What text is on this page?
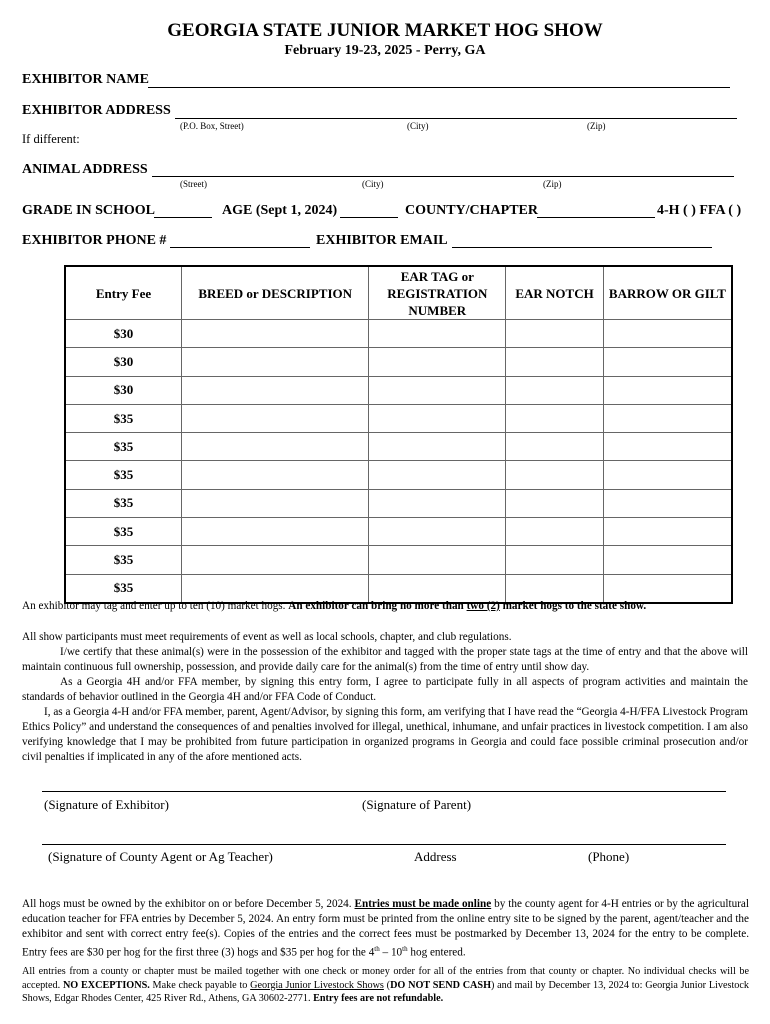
GEORGIA STATE JUNIOR MARKET HOG SHOW
February 19-23, 2025 - Perry, GA
EXHIBITOR NAME
EXHIBITOR ADDRESS
(P.O. Box, Street)	(City)	(Zip)
If different:
ANIMAL ADDRESS
(Street)	(City)	(Zip)
GRADE IN SCHOOL	AGE (Sept 1, 2024)	COUNTY/CHAPTER	4-H ( ) FFA ( )
EXHIBITOR PHONE #	EXHIBITOR EMAIL
Entry Fee	BREED or DESCRIPTION	EAR TAG or REGISTRATION NUMBER	EAR NOTCH	BARROW OR GILT
$30				
$30				
$30				
$35				
$35				
$35				
$35				
$35				
$35				
$35				
An exhibitor may tag and enter up to ten (10) market hogs. An exhibitor can bring no more than two (2) market hogs to the state show.
All show participants must meet requirements of event as well as local schools, chapter, and club regulations.
I/we certify that these animal(s) were in the possession of the exhibitor and tagged with the proper state tags at the time of entry and that the above will maintain continuous full ownership, possession, and provide daily care for the animal(s) from the time of entry until show day.
As a Georgia 4H and/or FFA member, by signing this entry form, I agree to participate fully in all aspects of program activities and maintain the standards of behavior outlined in the Georgia 4H and/or FFA Code of Conduct.
I, as a Georgia 4-H and/or FFA member, parent, Agent/Advisor, by signing this form, am verifying that I have read the “Georgia 4-H/FFA Livestock Program Ethics Policy” and understand the consequences of and penalties involved for illegal, unethical, inhumane, and unfair practices in livestock competition. I am also verifying knowledge that I may be prohibited from future participation in organized programs in Georgia and could face possible criminal prosecution and/or civil penalties if implicated in any of the afore mentioned acts.
(Signature of Exhibitor)	(Signature of Parent)
(Signature of County Agent or Ag Teacher)	Address	(Phone)
All hogs must be owned by the exhibitor on or before December 5, 2024. Entries must be made online by the county agent for 4-H entries or by the agricultural education teacher for FFA entries by December 5, 2024. An entry form must be printed from the online entry site to be signed by the parent, agent/teacher and the exhibitor and sent with correct entry fee(s). Copies of the entries and the correct fees must be postmarked by December 13, 2024 for the entry to be complete. Entry fees are $30 per hog for the first three (3) hogs and $35 per hog for the 4th – 10th hog entered.
All entries from a county or chapter must be mailed together with one check or money order for all of the entries from that county or chapter. No individual checks will be accepted. NO EXCEPTIONS. Make check payable to Georgia Junior Livestock Shows (DO NOT SEND CASH) and mail by December 13, 2024 to: Georgia Junior Livestock Shows, Edgar Rhodes Center, 425 River Rd., Athens, GA 30602-2771. Entry fees are not refundable.
